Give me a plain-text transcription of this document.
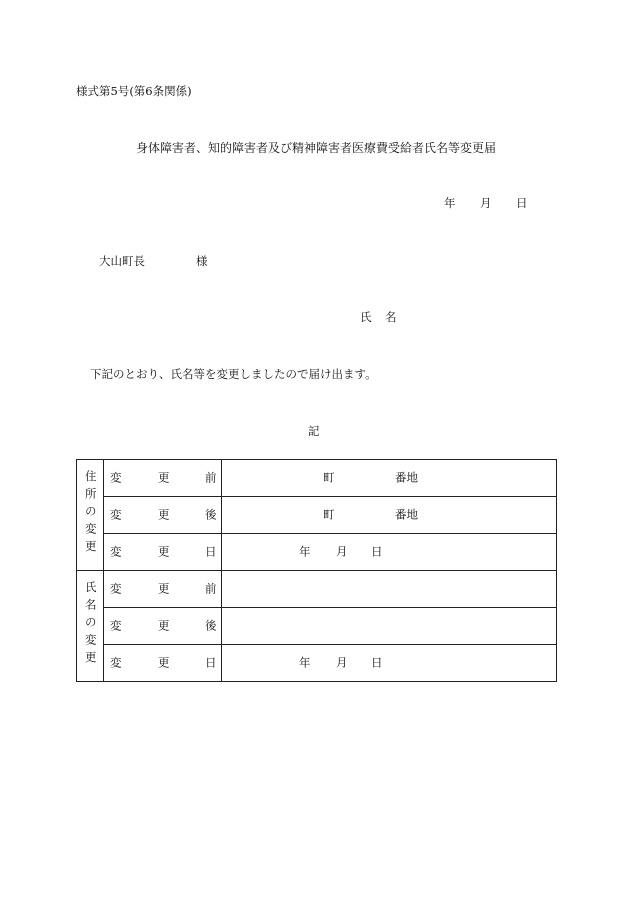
様式第5号(第6条関係)
身体障害者、知的障害者及び精神障害者医療費受給者氏名等変更届
年 月 日
大山町長	様
氏 名
下記のとおり、氏名等を変更しましたので届け出ます。
記
住所の変更	変 更 前	町 番地

	変 更 後	町 番地

	変 更 日	年 月 日

氏名の変更	変 更 前	

	変 更 後	

	変 更 日	年 月 日
